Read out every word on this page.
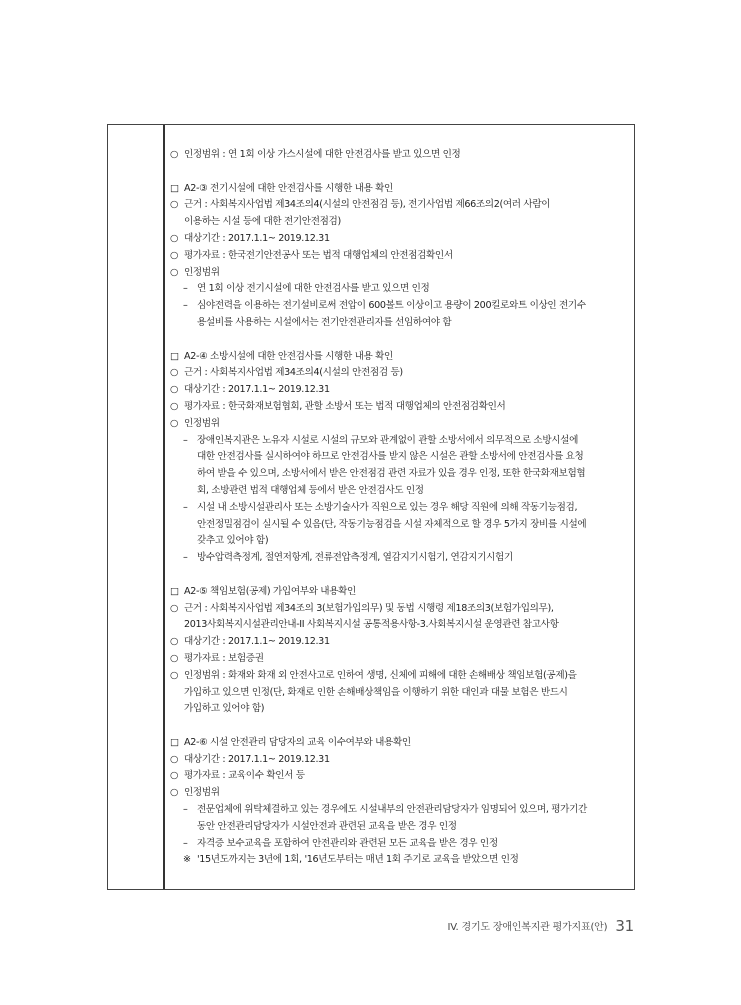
○ 인정범위 : 연 1회 이상 가스시설에 대한 안전검사를 받고 있으면 인정

□ A2-③ 전기시설에 대한 안전검사를 시행한 내용 확인

○ 근거 : 사회복지사업법 제34조의4(시설의 안전점검 등), 전기사업법 제66조의2(여러 사람이

이용하는 시설 등에 대한 전기안전점검)

○ 대상기간 : 2017.1.1~ 2019.12.31

○ 평가자료 : 한국전기안전공사 또는 법적 대행업체의 안전점검확인서

○ 인정범위

– 연 1회 이상 전기시설에 대한 안전검사를 받고 있으면 인정

– 심야전력을 이용하는 전기설비로써 전압이 600볼트 이상이고 용량이 200킬로와트 이상인 전기수

용설비를 사용하는 시설에서는 전기안전관리자를 선임하여야 함

□ A2-④ 소방시설에 대한 안전검사를 시행한 내용 확인

○ 근거 : 사회복지사업법 제34조의4(시설의 안전점검 등)

○ 대상기간 : 2017.1.1~ 2019.12.31

○ 평가자료 : 한국화재보험협회, 관할 소방서 또는 법적 대행업체의 안전점검확인서

○ 인정범위

– 장애인복지관은 노유자 시설로 시설의 규모와 관계없이 관할 소방서에서 의무적으로 소방시설에

대한 안전검사를 실시하여야 하므로 안전검사를 받지 않은 시설은 관할 소방서에 안전검사를 요청

하여 받을 수 있으며, 소방서에서 받은 안전점검 관련 자료가 있을 경우 인정, 또한 한국화재보험협

회, 소방관련 법적 대행업체 등에서 받은 안전검사도 인정

– 시설 내 소방시설관리사 또는 소방기술사가 직원으로 있는 경우 해당 직원에 의해 작동기능점검,

안전정밀점검이 실시될 수 있음(단, 작동기능점검을 시설 자체적으로 할 경우 5가지 장비를 시설에

갖추고 있어야 함)

– 방수압력측정계, 절연저항계, 전류전압측정계, 열감지기시험기, 연감지기시험기

□ A2-⑤ 책임보험(공제) 가입여부와 내용확인

○ 근거 : 사회복지사업법 제34조의 3(보험가입의무) 및 동법 시행령 제18조의3(보험가입의무),

2013사회복지시설관리안내-II 사회복지시설 공통적용사항-3.사회복지시설 운영관련 참고사항

○ 대상기간 : 2017.1.1~ 2019.12.31

○ 평가자료 : 보험증권

○ 인정범위 : 화재와 화재 외 안전사고로 인하여 생명, 신체에 피해에 대한 손해배상 책임보험(공제)을

가입하고 있으면 인정(단, 화재로 인한 손해배상책임을 이행하기 위한 대인과 대물 보험은 반드시

가입하고 있어야 함)

□ A2-⑥ 시설 안전관리 담당자의 교육 이수여부와 내용확인

○ 대상기간 : 2017.1.1~ 2019.12.31

○ 평가자료 : 교육이수 확인서 등

○ 인정범위

– 전문업체에 위탁체결하고 있는 경우에도 시설내부의 안전관리담당자가 임명되어 있으며, 평가기간

동안 안전관리담당자가 시설안전과 관련된 교육을 받은 경우 인정

– 자격증 보수교육을 포함하여 안전관리와 관련된 모든 교육을 받은 경우 인정

※ '15년도까지는 3년에 1회, '16년도부터는 매년 1회 주기로 교육을 받았으면 인정

IV. 경기도 장애인복지관 평가지표(안) 31
